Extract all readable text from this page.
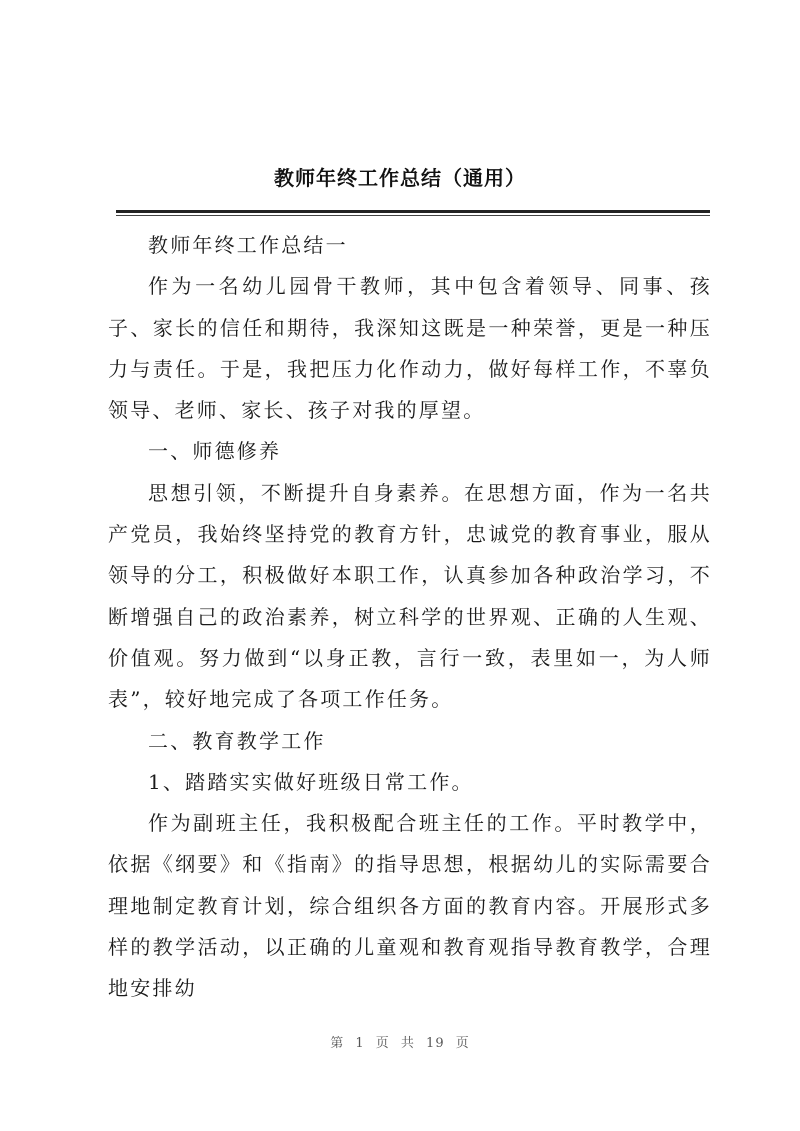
教师年终工作总结（通用）

教师年终工作总结一

作为一名幼儿园骨干教师，其中包含着领导、同事、孩子、家长的信任和期待，我深知这既是一种荣誉，更是一种压力与责任。于是，我把压力化作动力，做好每样工作，不辜负领导、老师、家长、孩子对我的厚望。

一、师德修养

思想引领，不断提升自身素养。在思想方面，作为一名共产党员，我始终坚持党的教育方针，忠诚党的教育事业，服从领导的分工，积极做好本职工作，认真参加各种政治学习，不断增强自己的政治素养，树立科学的世界观、正确的人生观、价值观。努力做到“以身正教，言行一致，表里如一，为人师表”，较好地完成了各项工作任务。

二、教育教学工作

1、踏踏实实做好班级日常工作。

作为副班主任，我积极配合班主任的工作。平时教学中，依据《纲要》和《指南》的指导思想，根据幼儿的实际需要合理地制定教育计划，综合组织各方面的教育内容。开展形式多样的教学活动，以正确的儿童观和教育观指导教育教学，合理地安排幼

第 1 页 共 19 页
